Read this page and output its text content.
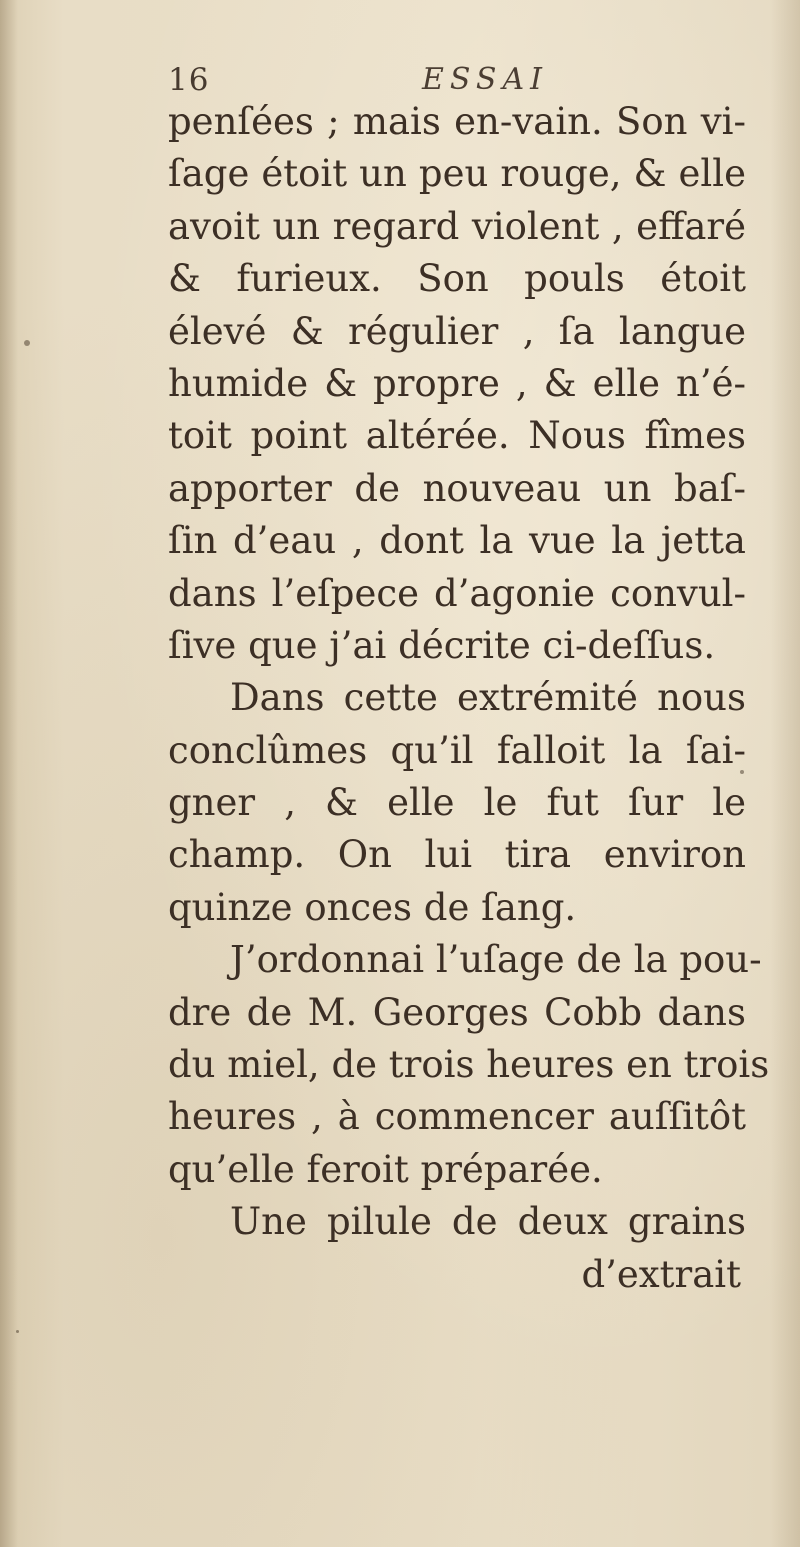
16	ESSAI
penſées ; mais en-vain. Son vi-
ſage étoit un peu rouge, & elle
avoit un regard violent , effaré
& furieux. Son pouls étoit
élevé & régulier , ſa langue
humide & propre , & elle n’é-
toit point altérée. Nous fîmes
apporter de nouveau un baſ-
ſin d’eau , dont la vue la jetta
dans l’eſpece d’agonie convul-
ſive que j’ai décrite ci-deſſus.
Dans cette extrémité nous
conclûmes qu’il falloit la ſai-
gner , & elle le fut ſur le
champ. On lui tira environ
quinze onces de ſang.
J’ordonnai l’uſage de la pou-
dre de M. Georges Cobb dans
du miel, de trois heures en trois
heures , à commencer auſſitôt
qu’elle feroit préparée.
Une pilule de deux grains
d’extrait
